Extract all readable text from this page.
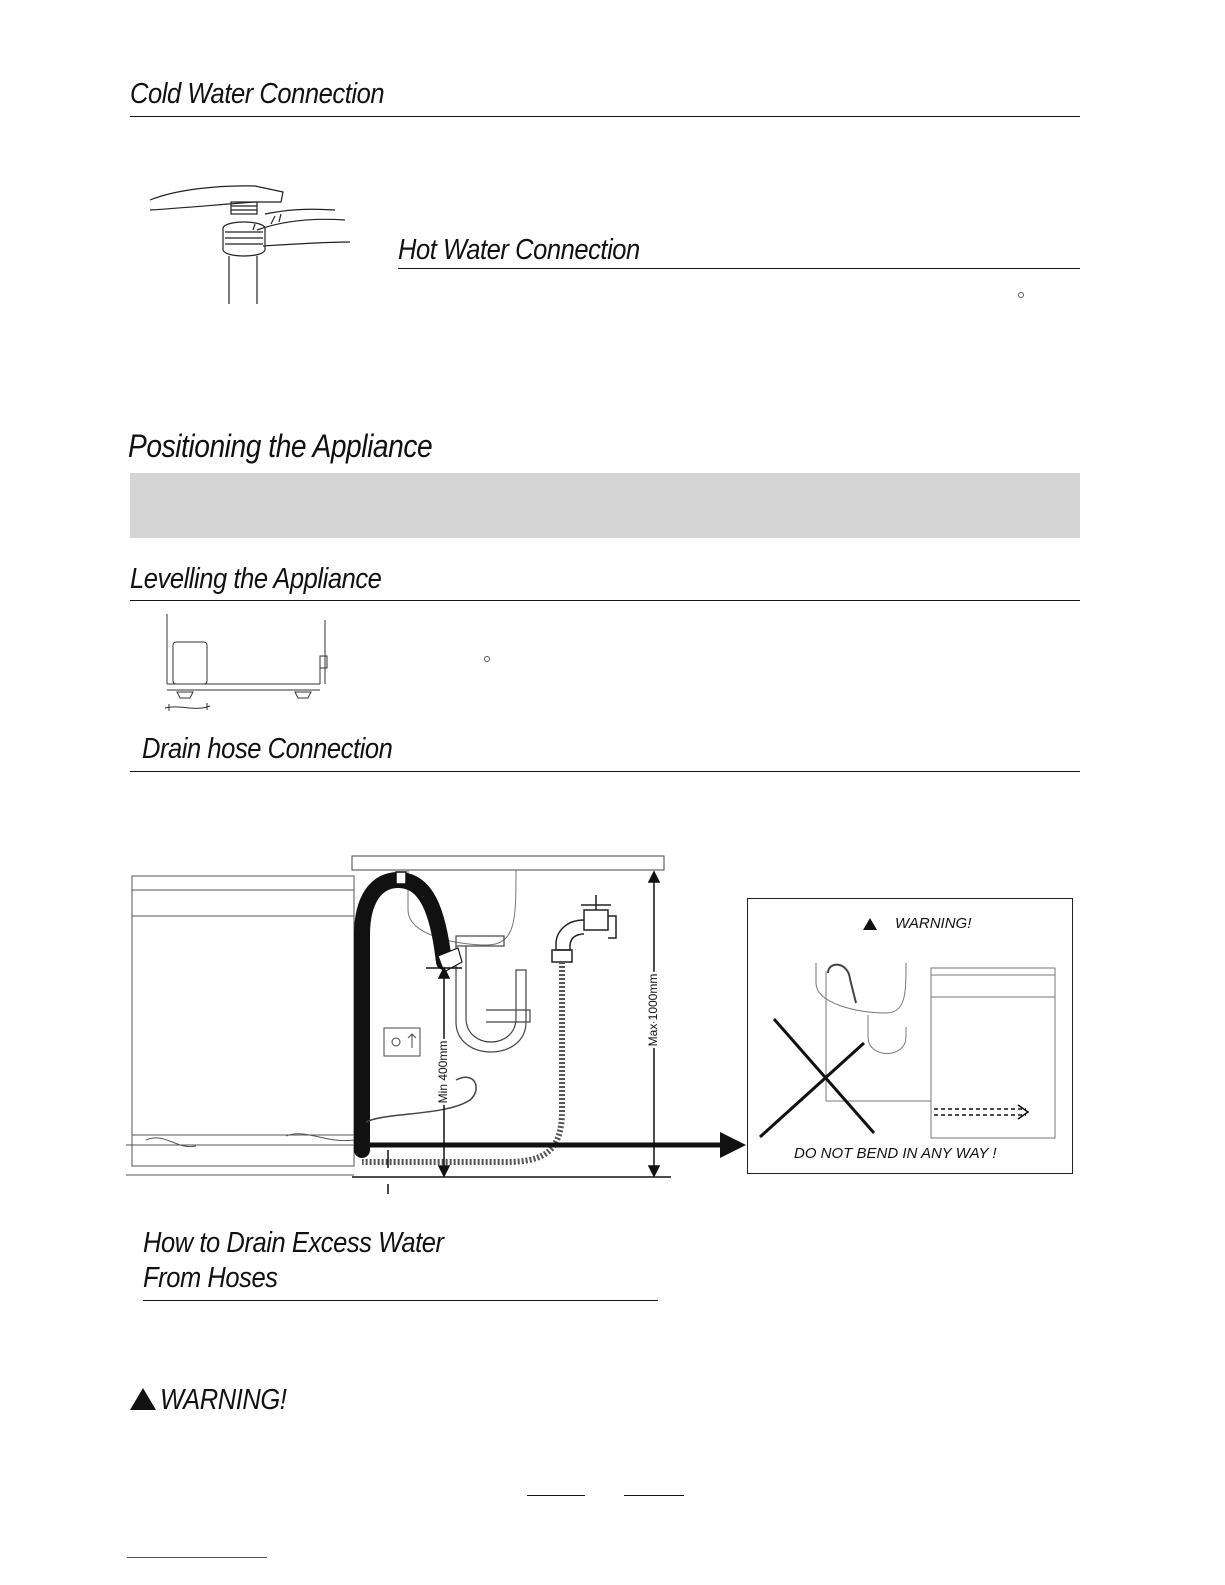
Cold Water Connection
Hot Water Connection
Positioning the Appliance
Levelling the Appliance
Drain hose Connection
Min 400mm
Max 1000mm
WARNING!
DO NOT BEND IN ANY WAY !
How to Drain Excess Water
From Hoses
WARNING!
